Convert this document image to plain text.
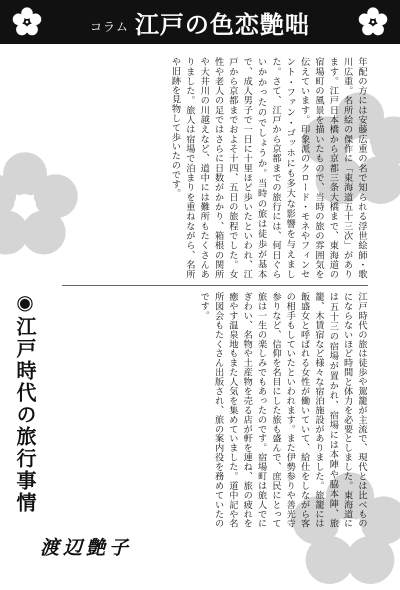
コラム 江戸の色恋艶咄

年配の方には安藤広重の名で知られる浮世絵師・歌川広重。名所絵の傑作に「東海道五十三次」があります。江戸日本橋から京都三条大橋まで、東海道の宿場町の風景を描いたもので、当時の旅の雰囲気を伝えています。印象派のクロード・モネやフィンセント・ファン・ゴッホにも多大な影響を与えました。さて、江戸から京都までの旅行には、何日ぐらいかかったのでしょうか。当時の旅は徒歩が基本で、成人男子で一日に十里ほど歩いたといわれ、江戸から京都までおよそ十四、五日の旅程でした。女性や老人の足ではさらに日数がかかり、箱根の関所や大井川の川越えなど、道中には難所もたくさんありました。旅人は宿場で泊まりを重ねながら、名所や旧跡を見物して歩いたのです。

江戸時代の旅は徒歩や駕籠が主流で、現代とは比べものにならないほど時間と体力を必要としました。東海道には五十三の宿場が置かれ、宿場には本陣や脇本陣、旅籠、木賃宿など様々な宿泊施設がありました。旅籠には飯盛女と呼ばれる女性が働いていて、給仕をしながら客の相手もしていたといわれます。また伊勢参りや善光寺参りなど、信仰を名目にした旅も盛んで、庶民にとって旅は一生の楽しみでもあったのです。宿場町は旅人でにぎわい、名物や土産物を売る店が軒を連ね、旅の疲れを癒やす温泉地もまた人気を集めていました。道中記や名所図会もたくさん出版され、旅の案内役を務めていたのです。

◉江戸時代の旅行事情
渡辺艶子
